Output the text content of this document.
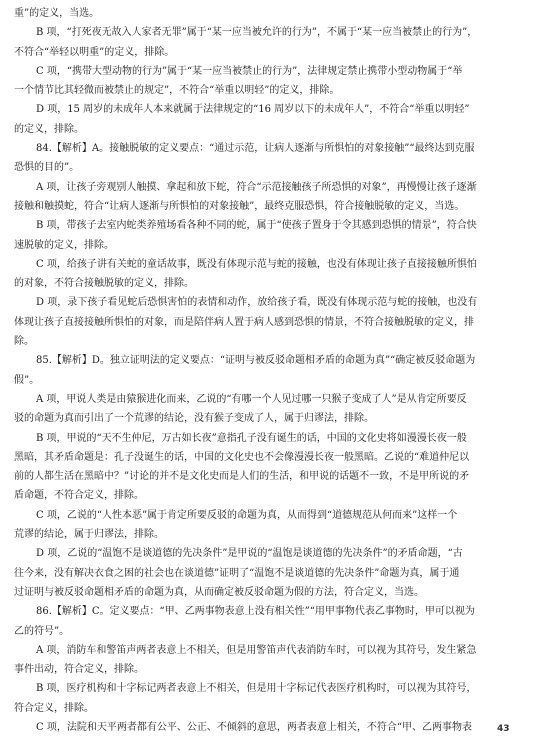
重”的定义，当选。
B 项，“打死夜无故入人家者无罪”属于“某一应当被允许的行为”，不属于“某一应当被禁止的行为”，
不符合“举轻以明重”的定义，排除。
C 项，“携带大型动物的行为”属于“某一应当被禁止的行为”，法律规定禁止携带小型动物属于“举
一个情节比其轻微而被禁止的规定”，不符合“举重以明轻”的定义，排除。
D 项，15 周岁的未成年人本来就属于法律规定的“16 周岁以下的未成年人”，不符合“举重以明轻”
的定义，排除。
84.【解析】A。接触脱敏的定义要点：“通过示范，让病人逐渐与所惧怕的对象接触”“最终达到克服
恐惧的目的”。
A 项，让孩子旁观别人触摸、拿起和放下蛇，符合“示范接触孩子所恐惧的对象”，再慢慢让孩子逐渐
接触和触摸蛇，符合“让病人逐渐与所惧怕的对象接触”，最终克服恐惧，符合接触脱敏的定义，当选。
B 项，带孩子去室内蛇类养殖场看各种不同的蛇，属于“使孩子置身于令其感到恐惧的情景”，符合快
速脱敏的定义，排除。
C 项，给孩子讲有关蛇的童话故事，既没有体现示范与蛇的接触，也没有体现让孩子直接接触所惧怕
的对象，不符合接触脱敏的定义，排除。
D 项，录下孩子看见蛇后恐惧害怕的表情和动作，放给孩子看，既没有体现示范与蛇的接触，也没有
体现让孩子直接接触所惧怕的对象，而是陪伴病人置于病人感到恐惧的情景，不符合接触脱敏的定义，排
除。
85.【解析】D。独立证明法的定义要点：“证明与被反驳命题相矛盾的命题为真”“确定被反驳命题为
假”。
A 项，甲说人类是由猿猴进化而来，乙说的“有哪一个人见过哪一只猴子变成了人”是从肯定所要反
驳的命题为真而引出了一个荒谬的结论，没有猴子变成了人，属于归谬法，排除。
B 项，甲说的“天不生仲尼，万古如长夜”意指孔子没有诞生的话，中国的文化史将如漫漫长夜一般
黑暗，其矛盾命题是：孔子没诞生的话，中国的文化史也不会像漫漫长夜一般黑暗。乙说的“难道仲尼以
前的人都生活在黑暗中？”讨论的并不是文化史而是人们的生活，和甲说的话题不一致，不是甲所说的矛
盾命题，不符合定义，排除。
C 项，乙说的“人性本恶”属于肯定所要反驳的命题为真，从而得到“道德规范从何而来”这样一个
荒谬的结论，属于归谬法，排除。
D 项，乙说的“温饱不是谈道德的先决条件”是甲说的“温饱是谈道德的先决条件”的矛盾命题，“古
往今来，没有解决衣食之困的社会也在谈道德”证明了“温饱不是谈道德的先决条件”命题为真，属于通
过证明与被反驳命题相矛盾的命题为真，从而确定被反驳命题为假的方法，符合定义，当选。
86.【解析】C。定义要点：“甲、乙两事物表意上没有相关性”“用甲事物代表乙事物时，甲可以视为
乙的符号”。
A 项，消防车和警笛声两者表意上不相关，但是用警笛声代表消防车时，可以视为其符号，发生紧急
事件出动，符合定义，排除。
B 项，医疗机构和十字标记两者表意上不相关，但是用十字标记代表医疗机构时，可以视为其符号，
符合定义，排除。
C 项，法院和天平两者都有公平、公正、不倾斜的意思，两者表意上相关，不符合“甲、乙两事物表	43
